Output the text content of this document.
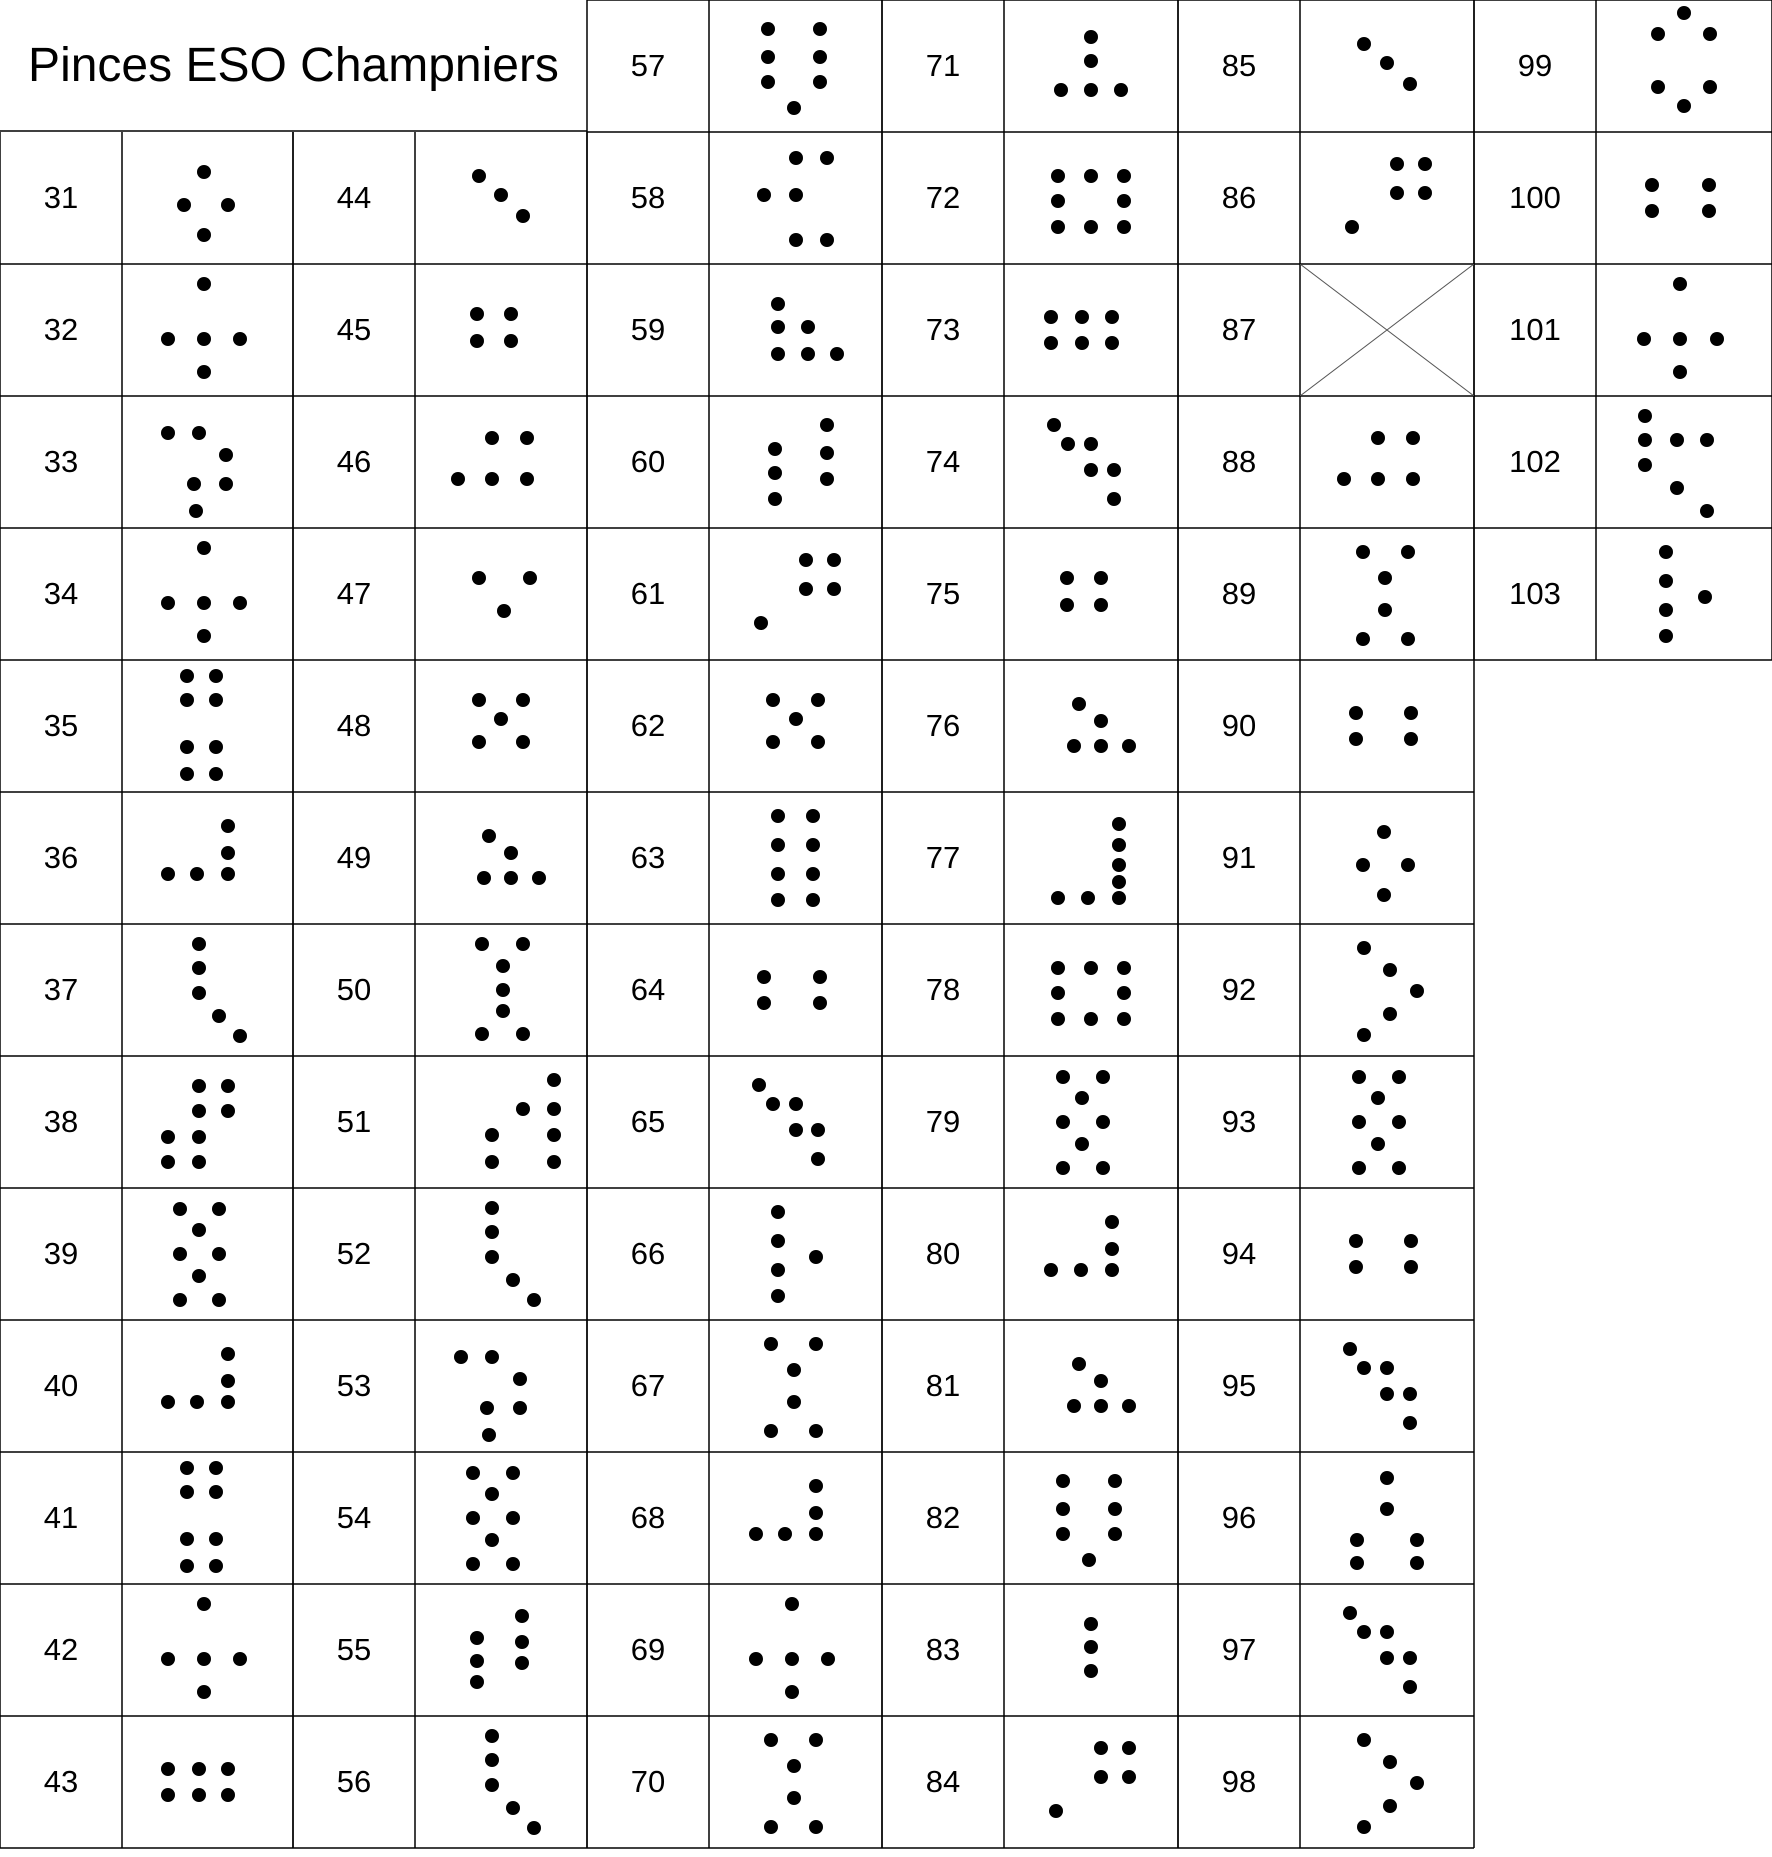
Pinces ESO Champniers
31
32
33
34
35
36
37
38
39
40
41
42
43
44
45
46
47
48
49
50
51
52
53
54
55
56
57
58
59
60
61
62
63
64
65
66
67
68
69
70
71
72
73
74
75
76
77
78
79
80
81
82
83
84
85
86
87
88
89
90
91
92
93
94
95
96
97
98
99
100
101
102
103
